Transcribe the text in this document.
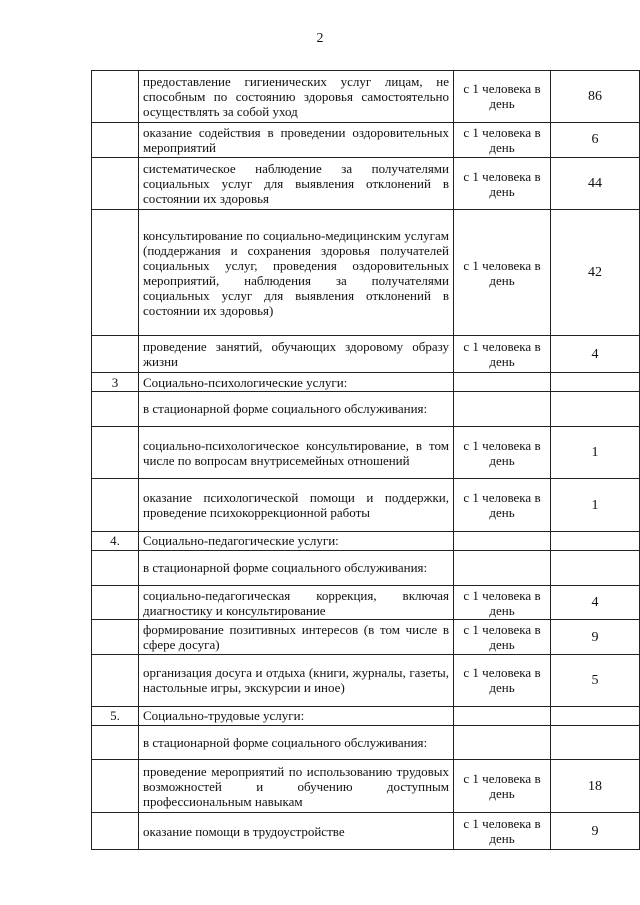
2
	предоставление гигиенических услуг лицам, не способным по состоянию здоровья самостоятельно осуществлять за собой уход	с 1 человека в день	86
	оказание содействия в проведении оздоровительных мероприятий	с 1 человека в день	6
	систематическое наблюдение за получателями социальных услуг для выявления отклонений в состоянии их здоровья	с 1 человека в день	44
	консультирование по социально-медицинским услугам (поддержания и сохранения здоровья получателей социальных услуг, проведения оздоровительных мероприятий, наблюдения за получателями социальных услуг для выявления отклонений в состоянии их здоровья)	с 1 человека в день	42
	проведение занятий, обучающих здоровому образу жизни	с 1 человека в день	4
3	Социально-психологические услуги:		
	в стационарной форме социального обслуживания:		
	социально-психологическое консультирование, в том числе по вопросам внутрисемейных отношений	с 1 человека в день	1
	оказание психологической помощи и поддержки, проведение психокоррекционной работы	с 1 человека в день	1
4.	Социально-педагогические услуги:		
	в стационарной форме социального обслуживания:		
	социально-педагогическая коррекция, включая диагностику и консультирование	с 1 человека в день	4
	формирование позитивных интересов (в том числе в сфере досуга)	с 1 человека в день	9
	организация досуга и отдыха (книги, журналы, газеты, настольные игры, экскурсии и иное)	с 1 человека в день	5
5.	Социально-трудовые услуги:		
	в стационарной форме социального обслуживания:		
	проведение мероприятий по использованию трудовых возможностей и обучению доступным профессиональным навыкам	с 1 человека в день	18
	оказание помощи в трудоустройстве	с 1 человека в день	9
